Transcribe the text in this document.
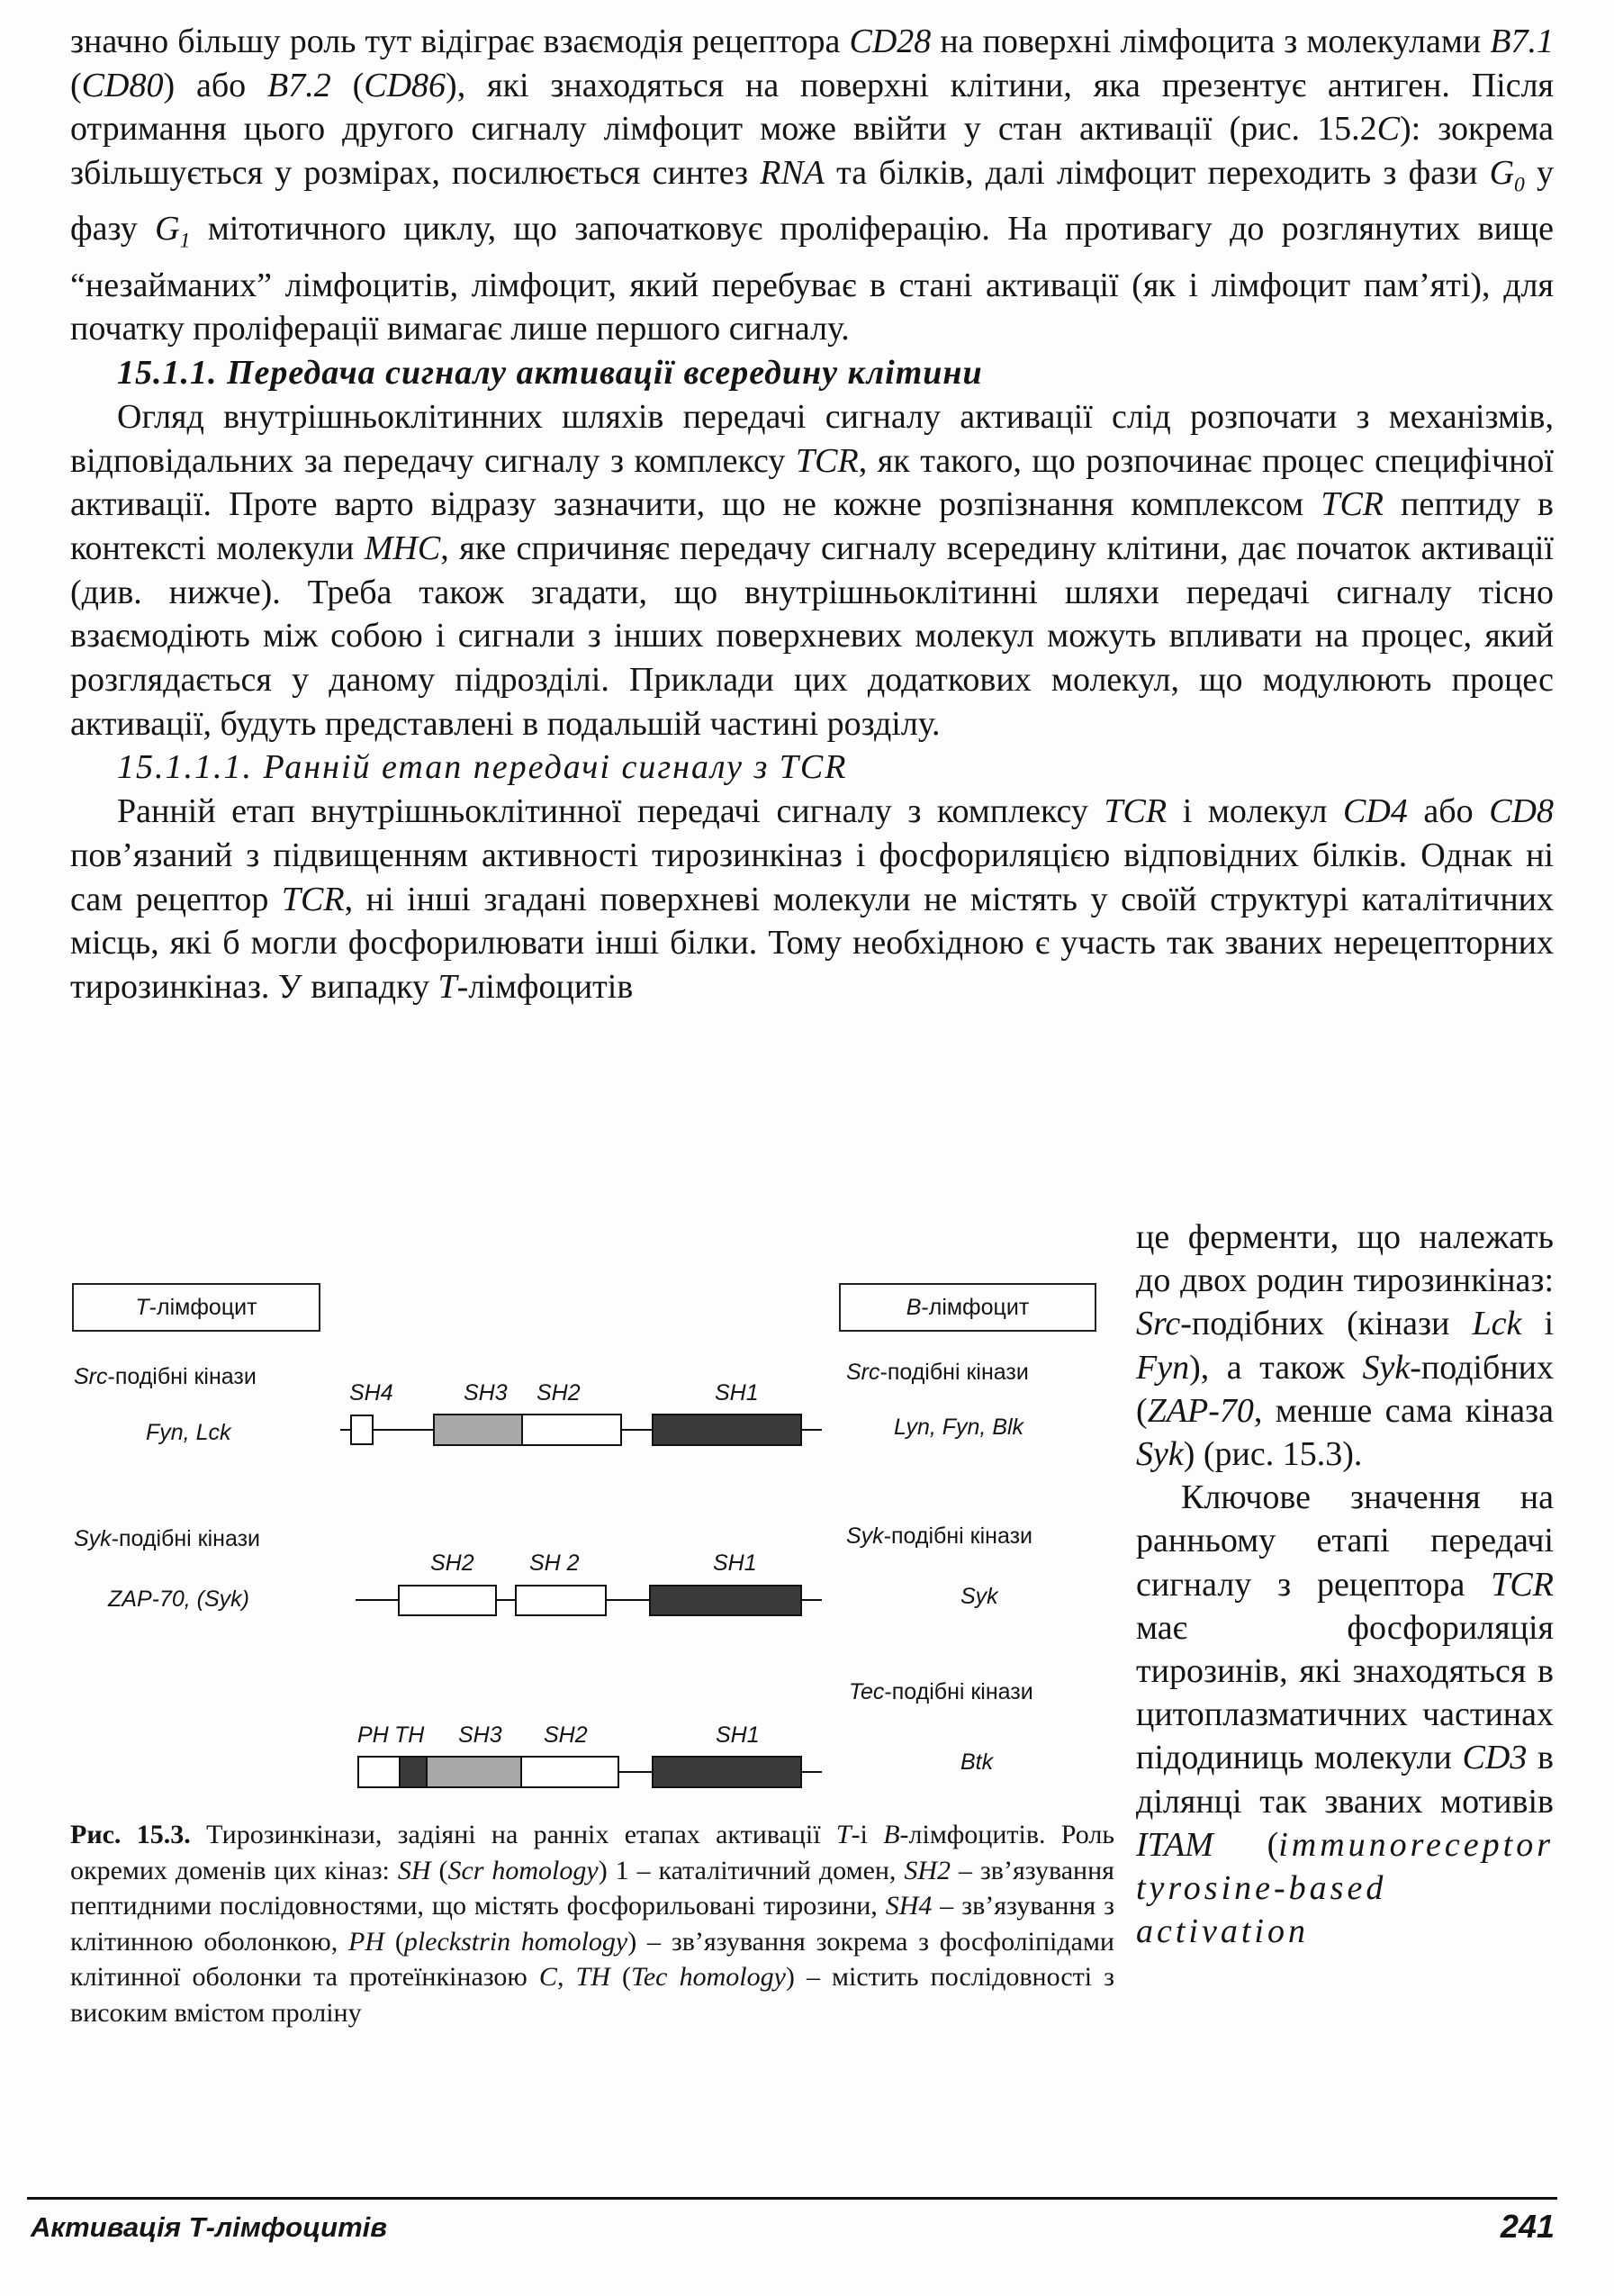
значно більшу роль тут відіграє взаємодія рецептора CD28 на поверхні лімфоцита з молекулами B7.1 (CD80) або B7.2 (CD86), які знаходяться на поверхні клітини, яка презентує антиген. Після отримання цього другого сигналу лімфоцит може ввійти у стан активації (рис. 15.2C): зокрема збільшується у розмірах, посилюється синтез RNA та білків, далі лімфоцит переходить з фази $G_0$ у фазу $G_1$ мітотичного циклу, що започатковує проліферацію. На противагу до розглянутих вище “незайманих” лімфоцитів, лімфоцит, який перебуває в стані активації (як і лімфоцит пам’яті), для початку проліферації вимагає лише першого сигналу.

15.1.1. Передача сигналу активації всередину клітини

Огляд внутрішньоклітинних шляхів передачі сигналу активації слід розпочати з механізмів, відповідальних за передачу сигналу з комплексу TCR, як такого, що розпочинає процес специфічної активації. Проте варто відразу зазначити, що не кожне розпізнання комплексом TCR пептиду в контексті молекули MHC, яке спричиняє передачу сигналу всередину клітини, дає початок активації (див. нижче). Треба також згадати, що внутрішньоклітинні шляхи передачі сигналу тісно взаємодіють між собою і сигнали з інших поверхневих молекул можуть впливати на процес, який розглядається у даному підрозділі. Приклади цих додаткових молекул, що модулюють процес активації, будуть представлені в подальшій частині розділу.

15.1.1.1. Ранній етап передачі сигналу з TCR

Ранній етап внутрішньоклітинної передачі сигналу з комплексу TCR і молекул CD4 або CD8 пов’язаний з підвищенням активності тирозинкіназ і фосфориляцією відповідних білків. Однак ні сам рецептор TCR, ні інші згадані поверхневі молекули не містять у своїй структурі каталітичних місць, які б могли фосфорилювати інші білки. Тому необхідною є участь так званих нерецепторних тирозинкіназ. У випадку T-лімфоцитів

це ферменти, що належать до двох родин тирозинкіназ: Src-подібних (кінази Lck і Fyn), а також Syk-подібних (ZAP-70, менше сама кіназа Syk) (рис. 15.3).

Ключове значення на ранньому етапі передачі сигналу з рецептора TCR має фосфориляція тирозинів, які знаходяться в цитоплазматичних частинах підодиниць молекули CD3 в ділянці так званих мотивів ITAM (immunoreceptor tyrosine-based activation

T-лімфоцит	B-лімфоцит
SH4	SH3 SH2	SH1
SH2 SH 2	SH1
PH TH SH3 SH2	SH1
Src-подібні кінази
Fyn, Lck
Syk-подібні кінази
ZAP-70, (Syk)
Src-подібні кінази
Lyn, Fyn, Blk
Syk-подібні кінази
Syk
Tec-подібні кінази
Btk
Рис. 15.3. Тирозинкінази, задіяні на ранніх етапах активації T-і B-лімфоцитів. Роль окремих доменів цих кіназ: SH (Scr homology) 1 – каталітичний домен, SH2 – зв’язування пептидними послідовностями, що містять фосфорильовані тирозини, SH4 – зв’язування з клітинною оболонкою, PH (pleckstrin homology) – зв’язування зокрема з фосфоліпідами клітинної оболонки та протеїнкіназою C, TH (Tec homology) – містить послідовності з високим вмістом проліну
Активація Т-лімфоцитів	241
